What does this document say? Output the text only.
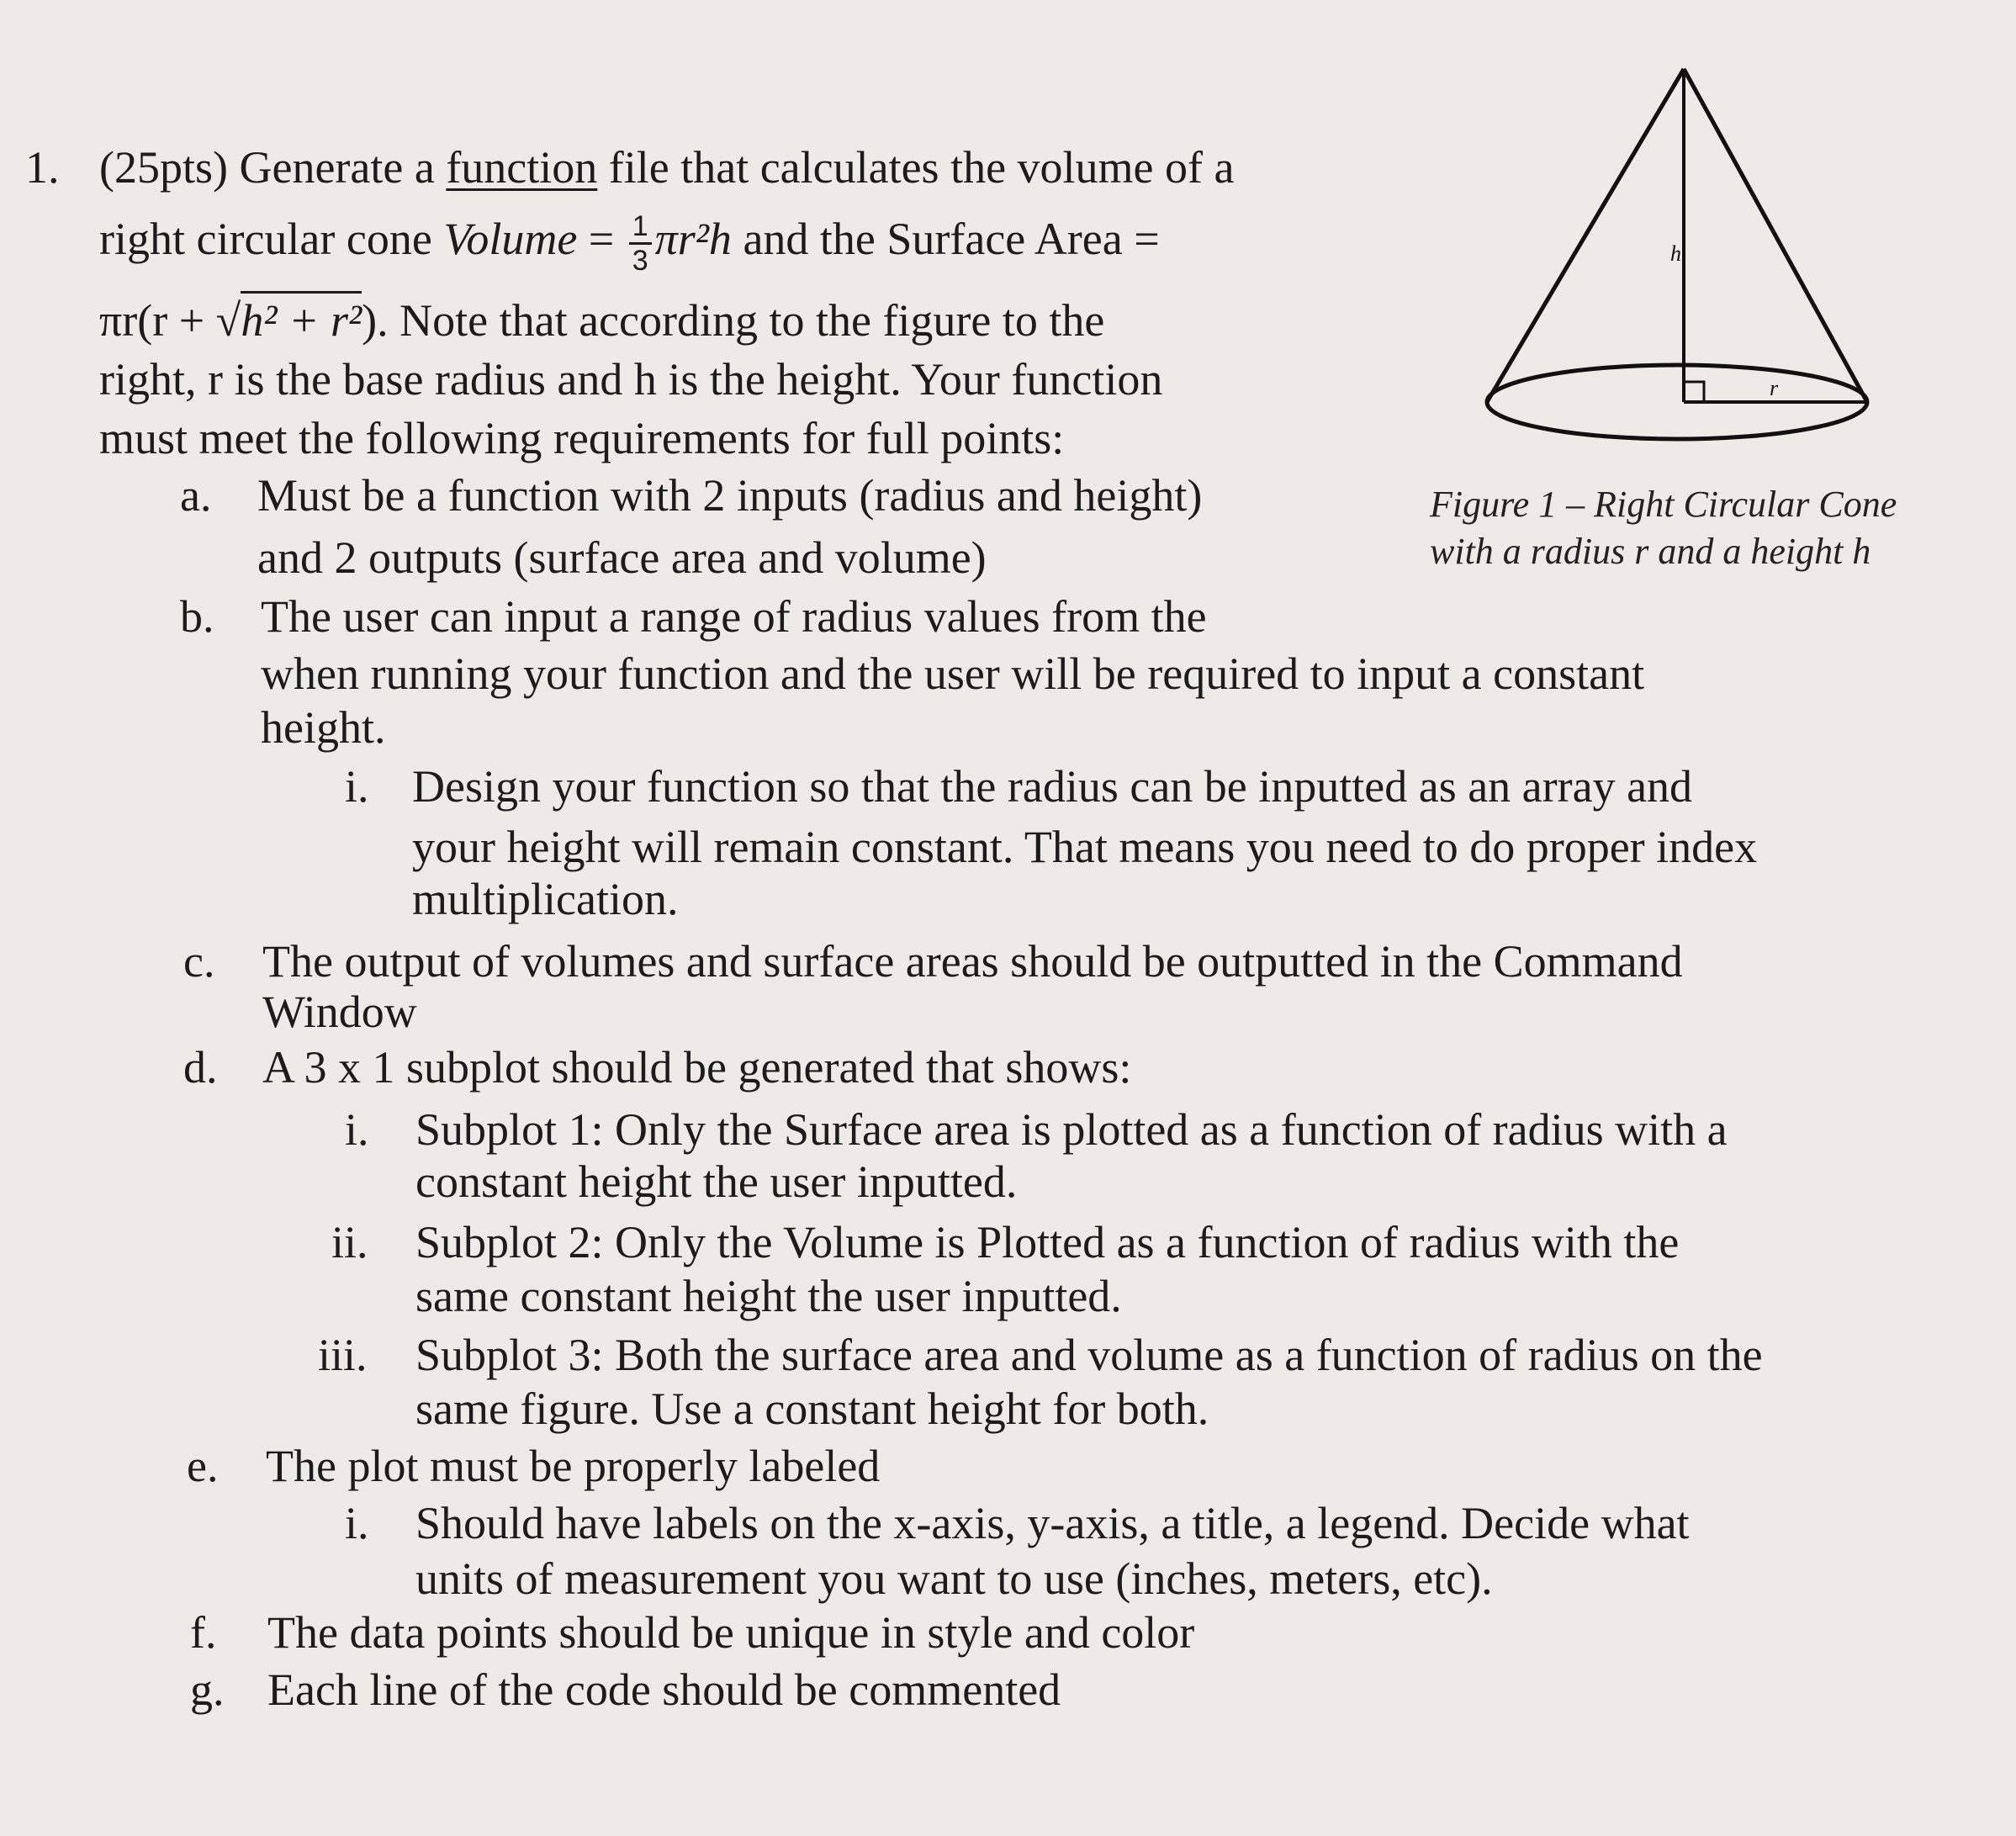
1. (25pts) Generate a function file that calculates the volume of a
right circular cone Volume = $\frac{1}{3} \pi r^2h$ and the Surface Area =
πr(r + √h² + r²). Note that according to the figure to the
right, r is the base radius and h is the height. Your function
must meet the following requirements for full points:
h
r
Figure 1 – Right Circular Cone
with a radius r and a height h
a. Must be a function with 2 inputs (radius and height)
and 2 outputs (surface area and volume)
b. The user can input a range of radius values from the
when running your function and the user will be required to input a constant
height.
i. Design your function so that the radius can be inputted as an array and
your height will remain constant. That means you need to do proper index
multiplication.
c. The output of volumes and surface areas should be outputted in the Command
Window
d. A 3 x 1 subplot should be generated that shows:
i. Subplot 1: Only the Surface area is plotted as a function of radius with a
constant height the user inputted.
ii. Subplot 2: Only the Volume is Plotted as a function of radius with the
same constant height the user inputted.
iii. Subplot 3: Both the surface area and volume as a function of radius on the
same figure. Use a constant height for both.
e. The plot must be properly labeled
i. Should have labels on the x-axis, y-axis, a title, a legend. Decide what
units of measurement you want to use (inches, meters, etc).
f. The data points should be unique in style and color
g. Each line of the code should be commented
